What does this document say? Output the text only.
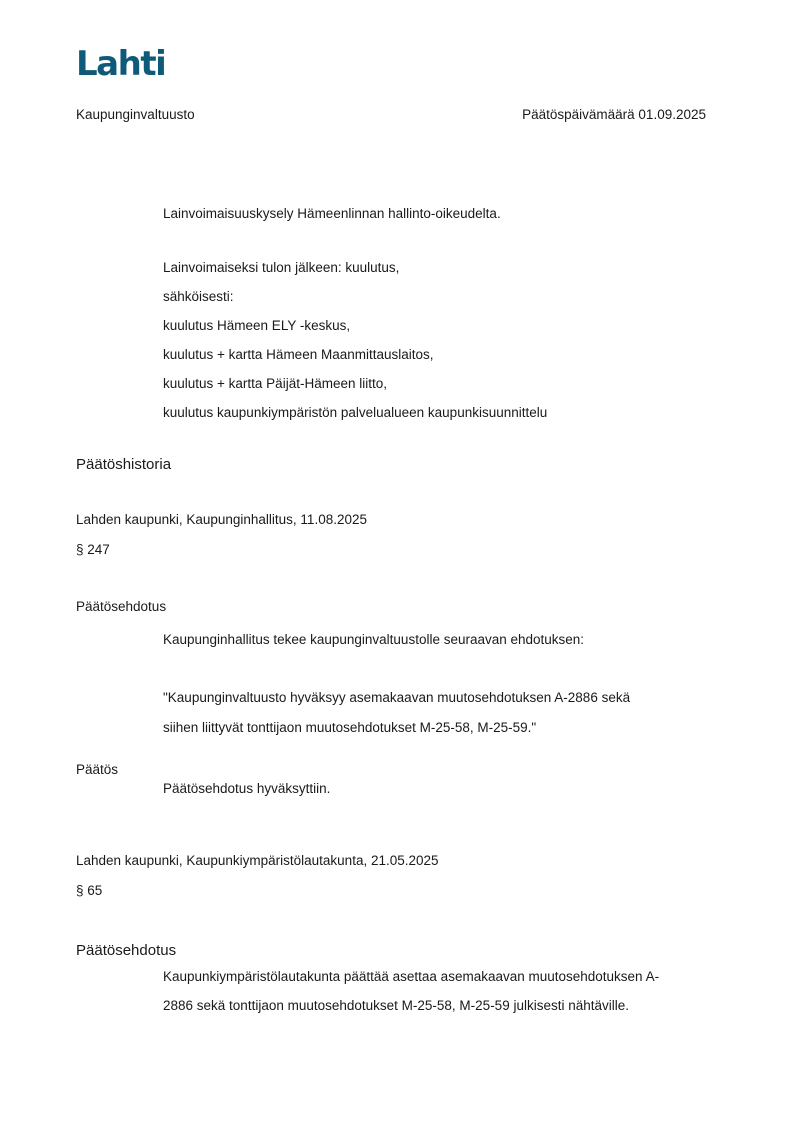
Lahti
Kaupunginvaltuusto	Päätöspäivämäärä 01.09.2025
Lainvoimaisuuskysely Hämeenlinnan hallinto-oikeudelta.
Lainvoimaiseksi tulon jälkeen: kuulutus,
sähköisesti:
kuulutus Hämeen ELY -keskus,
kuulutus + kartta Hämeen Maanmittauslaitos,
kuulutus + kartta Päijät-Hämeen liitto,
kuulutus kaupunkiympäristön palvelualueen kaupunkisuunnittelu
Päätöshistoria
Lahden kaupunki, Kaupunginhallitus, 11.08.2025
§ 247
Päätösehdotus
Kaupunginhallitus tekee kaupunginvaltuustolle seuraavan ehdotuksen:
"Kaupunginvaltuusto hyväksyy asemakaavan muutosehdotuksen A-2886 sekä
siihen liittyvät tonttijaon muutosehdotukset M-25-58, M-25-59."
Päätös
Päätösehdotus hyväksyttiin.
Lahden kaupunki, Kaupunkiympäristölautakunta, 21.05.2025
§ 65
Päätösehdotus
Kaupunkiympäristölautakunta päättää asettaa asemakaavan muutosehdotuksen A-
2886 sekä tonttijaon muutosehdotukset M-25-58, M-25-59 julkisesti nähtäville.
